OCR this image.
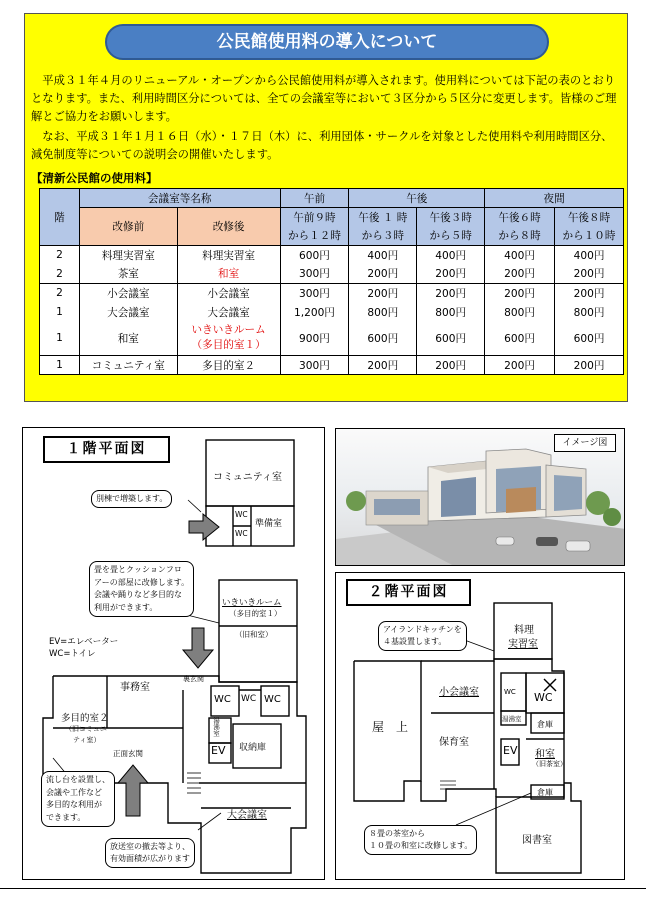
公民館使用料の導入について

　平成３１年４月のリニューアル・オープンから公民館使用料が導入されます。使用料については下記の表のとおりとなります。また、利用時間区分については、全ての会議室等において３区分から５区分に変更します。皆様のご理解とご協力をお願いします。

　なお、平成３１年１月１６日（水）・１７日（木）に、利用団体・サークルを対象とした使用料や利用時間区分、減免制度等についての説明会の開催いたします。

【清新公民館の使用料】
階	会議室等名称		午前	午後		夜間	
	改修前	改修後	午前９時	午後 １ 時	午後３時	午後６時	午後８時
			から１２時	から３時	から５時	から８時	から１０時
2	料理実習室	料理実習室	600円	400円	400円	400円	400円
2	茶室	和室	300円	200円	200円	200円	200円
2	小会議室	小会議室	300円	200円	200円	200円	200円
1	大会議室	大会議室	1,200円	800円	800円	800円	800円
1	和室	いきいきルーム
（多目的室１）	900円	600円	600円	600円	600円
1	コミュニティ室	多目的室２	300円	200円	200円	200円	200円
１階平面図
コミュニティ室
別棟で増築します。
WC
WC
準備室
畳を畳とクッションフロ
アーの部屋に改修します。
会議や踊りなど多目的な
利用ができます。	いきいきルーム
（多目的室１）
（旧和室）
EV=エレベーター
WC=トイレ
事務室
裏玄関
WC WC WC
多目的室２
（旧コミュニ
ティ室）
正面玄関
湯沸室
EV 収納庫
大会議室
流し台を設置し、
会議や工作など
多目的な利用が
できます。
放送室の撤去等より、
有効面積が広がります
イメージ図
２階平面図
アイランドキッチンを
４基設置します。
料理
実習室
屋　上
小会議室
保育室
WC WC
湯沸室
倉庫
EV 和室
（旧茶室）
倉庫
図書室
８畳の茶室から
１０畳の和室に改修します。
